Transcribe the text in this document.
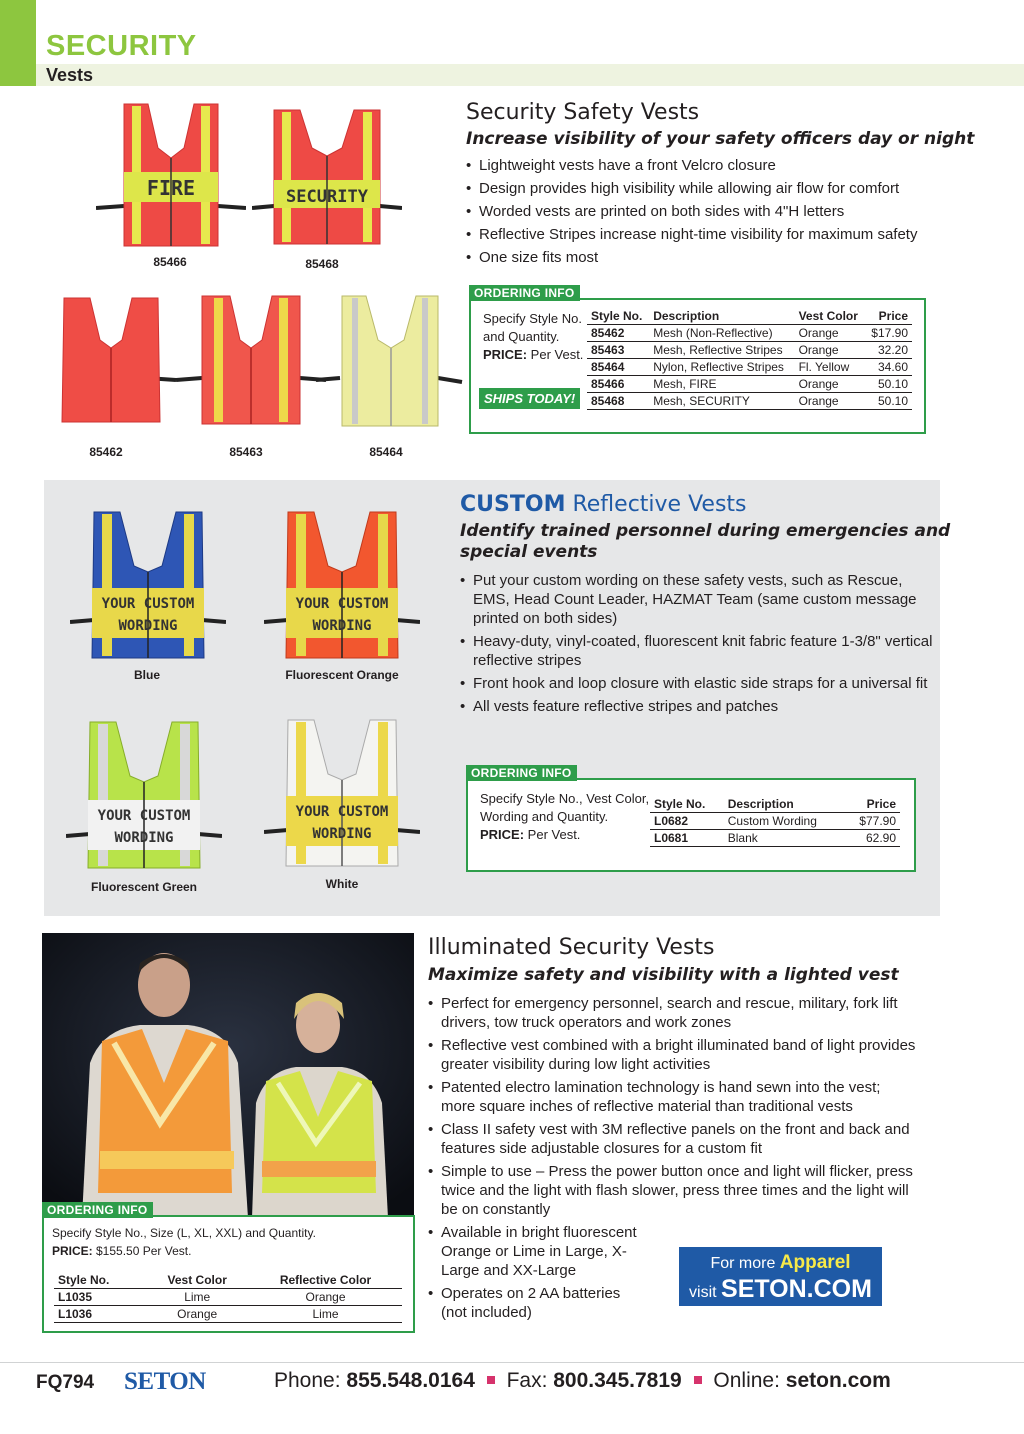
SECURITY
Vests
FIRE
85466
SECURITY
85468
85462	85463	85464
Security Safety Vests
Increase visibility of your safety officers day or night
• Lightweight vests have a front Velcro closure
• Design provides high visibility while allowing air flow for comfort
• Worded vests are printed on both sides with 4"H letters
• Reflective Stripes increase night-time visibility for maximum safety
• One size fits most
ORDERING INFO
Specify Style No.
and Quantity.
PRICE: Per Vest.
SHIPS TODAY!
Style No.	Description	Vest Color	Price
85462	Mesh (Non-Reflective)	Orange	$17.90
85463	Mesh, Reflective Stripes	Orange	32.20
85464	Nylon, Reflective Stripes	Fl. Yellow	34.60
85466	Mesh, FIRE	Orange	50.10
85468	Mesh, SECURITY	Orange	50.10
YOUR CUSTOM
WORDING
Blue
YOUR CUSTOM
WORDING
Fluorescent Orange
YOUR CUSTOM
WORDING
Fluorescent Green
YOUR CUSTOM
WORDING
White
CUSTOM Reflective Vests
Identify trained personnel during emergencies and
special events
• Put your custom wording on these safety vests, such as Rescue, EMS, Head Count Leader, HAZMAT Team (same custom message printed on both sides)
• Heavy-duty, vinyl-coated, fluorescent knit fabric feature 1-3/8" vertical reflective stripes
• Front hook and loop closure with elastic side straps for a universal fit
• All vests feature reflective stripes and patches
ORDERING INFO
Specify Style No., Vest Color,
Wording and Quantity.
PRICE: Per Vest.
Style No.	Description	Price
L0682	Custom Wording	$77.90
L0681	Blank	62.90
ORDERING INFO
Specify Style No., Size (L, XL, XXL) and Quantity.
PRICE: $155.50 Per Vest.
Style No.	Vest Color	Reflective Color
L1035	Lime	Orange
L1036	Orange	Lime
Illuminated Security Vests
Maximize safety and visibility with a lighted vest
• Perfect for emergency personnel, search and rescue, military, fork lift drivers, tow truck operators and work zones
• Reflective vest combined with a bright illuminated band of light provides greater visibility during low light activities
• Patented electro lamination technology is hand sewn into the vest; more square inches of reflective material than traditional vests
• Class II safety vest with 3M reflective panels on the front and back and features side adjustable closures for a custom fit
• Simple to use – Press the power button once and light will flicker, press twice and the light with flash slower, press three times and the light will be on constantly
• Available in bright fluorescent Orange or Lime in Large, X-Large and XX-Large
• Operates on 2 AA batteries (not included)
For more Apparel
visit SETON.COM
FQ794 SETON	Phone: 855.548.0164 Fax: 800.345.7819 Online: seton.com
